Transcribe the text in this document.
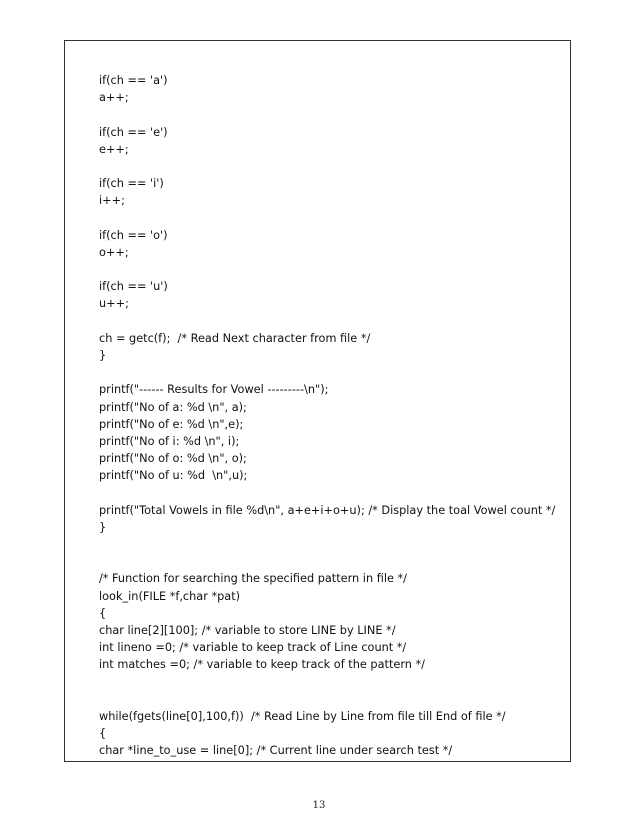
if(ch == 'a')
a++;
if(ch == 'e')
e++;
if(ch == 'i')
i++;
if(ch == 'o')
o++;
if(ch == 'u')
u++;
ch = getc(f);  /* Read Next character from file */
}
printf("------ Results for Vowel ---------\n");
printf("No of a: %d \n", a);
printf("No of e: %d \n",e);
printf("No of i: %d \n", i);
printf("No of o: %d \n", o);
printf("No of u: %d  \n",u);
printf("Total Vowels in file %d\n", a+e+i+o+u); /* Display the toal Vowel count */
}
/* Function for searching the specified pattern in file */
look_in(FILE *f,char *pat)
{
char line[2][100]; /* variable to store LINE by LINE */
int lineno =0; /* variable to keep track of Line count */
int matches =0; /* variable to keep track of the pattern */
while(fgets(line[0],100,f))  /* Read Line by Line from file till End of file */
{
char *line_to_use = line[0]; /* Current line under search test */
13
